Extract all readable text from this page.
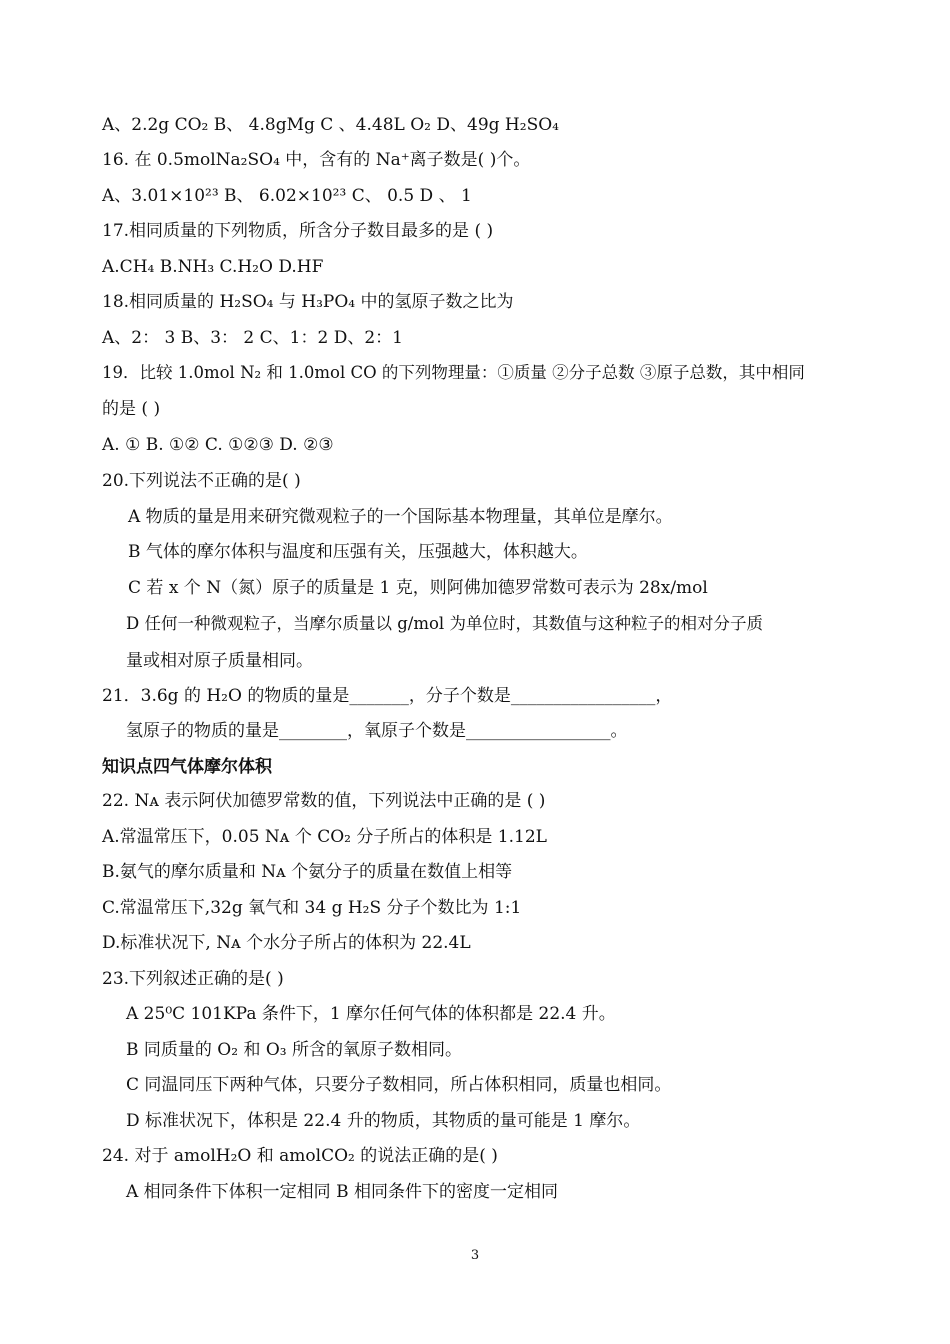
A、2.2g CO₂ B、 4.8gMg C 、4.48L O₂ D、49g H₂SO₄
16. 在 0.5molNa₂SO₄ 中，含有的 Na⁺离子数是( )个。
A、3.01×10²³ B、 6.02×10²³ C、 0.5 D 、 1
17.相同质量的下列物质，所含分子数目最多的是 ( )
A.CH₄ B.NH₃ C.H₂O D.HF
18.相同质量的 H₂SO₄ 与 H₃PO₄ 中的氢原子数之比为
A、2： 3 B、3： 2 C、1：2 D、2：1
19．比较 1.0mol N₂ 和 1.0mol CO 的下列物理量：①质量 ②分子总数 ③原子总数，其中相同
的是 ( )
A. ① B. ①② C. ①②③ D. ②③
20.下列说法不正确的是( )
A 物质的量是用来研究微观粒子的一个国际基本物理量，其单位是摩尔。
B 气体的摩尔体积与温度和压强有关，压强越大，体积越大。
C 若 x 个 N（氮）原子的质量是 1 克，则阿佛加德罗常数可表示为 28x/mol
D 任何一种微观粒子，当摩尔质量以 g/mol 为单位时，其数值与这种粒子的相对分子质
量或相对原子质量相同。
21．3.6g 的 H₂O 的物质的量是_______，分子个数是_________________，
氢原子的物质的量是________，氧原子个数是_________________。
知识点四气体摩尔体积
22. Nᴀ 表示阿伏加德罗常数的值，下列说法中正确的是 ( )
A.常温常压下，0.05 Nᴀ 个 CO₂ 分子所占的体积是 1.12L
B.氨气的摩尔质量和 Nᴀ 个氨分子的质量在数值上相等
C.常温常压下,32g 氧气和 34 g H₂S 分子个数比为 1:1
D.标准状况下, Nᴀ 个水分子所占的体积为 22.4L
23.下列叙述正确的是( )
A 25⁰C 101KPa 条件下，1 摩尔任何气体的体积都是 22.4 升。
B 同质量的 O₂ 和 O₃ 所含的氧原子数相同。
C 同温同压下两种气体，只要分子数相同，所占体积相同，质量也相同。
D 标准状况下，体积是 22.4 升的物质，其物质的量可能是 1 摩尔。
24. 对于 amolH₂O 和 amolCO₂ 的说法正确的是( )
A 相同条件下体积一定相同 B 相同条件下的密度一定相同
3
